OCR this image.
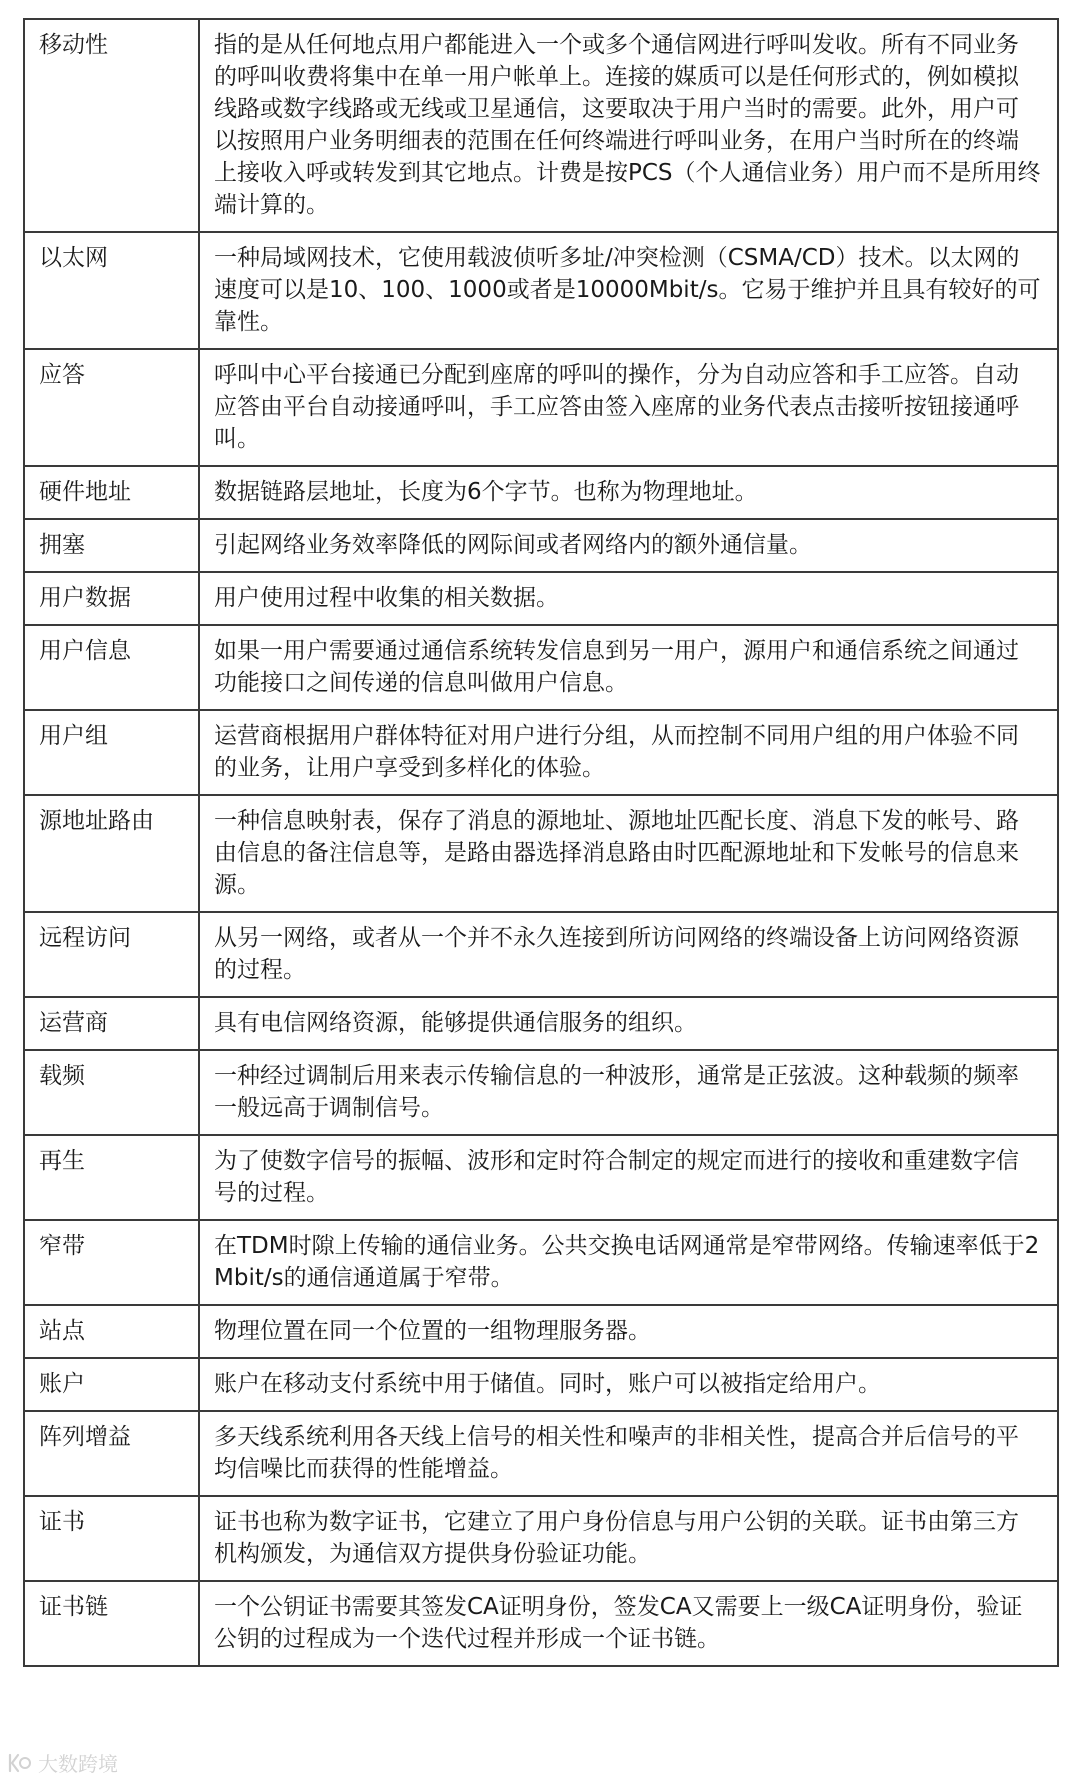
移动性	指的是从任何地点用户都能进入一个或多个通信网进行呼叫发收。所有不同业务的呼叫收费将集中在单一用户帐单上。连接的媒质可以是任何形式的，例如模拟线路或数字线路或无线或卫星通信，这要取决于用户当时的需要。此外，用户可以按照用户业务明细表的范围在任何终端进行呼叫业务，在用户当时所在的终端上接收入呼或转发到其它地点。计费是按PCS（个人通信业务）用户而不是所用终端计算的。
以太网	一种局域网技术，它使用载波侦听多址/冲突检测（CSMA/CD）技术。以太网的速度可以是10、100、1000或者是10000Mbit/s。它易于维护并且具有较好的可靠性。
应答	呼叫中心平台接通已分配到座席的呼叫的操作，分为自动应答和手工应答。自动应答由平台自动接通呼叫，手工应答由签入座席的业务代表点击接听按钮接通呼叫。
硬件地址	数据链路层地址，长度为6个字节。也称为物理地址。
拥塞	引起网络业务效率降低的网际间或者网络内的额外通信量。
用户数据	用户使用过程中收集的相关数据。
用户信息	如果一用户需要通过通信系统转发信息到另一用户，源用户和通信系统之间通过功能接口之间传递的信息叫做用户信息。
用户组	运营商根据用户群体特征对用户进行分组，从而控制不同用户组的用户体验不同的业务，让用户享受到多样化的体验。
源地址路由	一种信息映射表，保存了消息的源地址、源地址匹配长度、消息下发的帐号、路由信息的备注信息等，是路由器选择消息路由时匹配源地址和下发帐号的信息来源。
远程访问	从另一网络，或者从一个并不永久连接到所访问网络的终端设备上访问网络资源的过程。
运营商	具有电信网络资源，能够提供通信服务的组织。
载频	一种经过调制后用来表示传输信息的一种波形，通常是正弦波。这种载频的频率一般远高于调制信号。
再生	为了使数字信号的振幅、波形和定时符合制定的规定而进行的接收和重建数字信号的过程。
窄带	在TDM时隙上传输的通信业务。公共交换电话网通常是窄带网络。传输速率低于2Mbit/s的通信通道属于窄带。
站点	物理位置在同一个位置的一组物理服务器。
账户	账户在移动支付系统中用于储值。同时，账户可以被指定给用户。
阵列增益	多天线系统利用各天线上信号的相关性和噪声的非相关性，提高合并后信号的平均信噪比而获得的性能增益。
证书	证书也称为数字证书，它建立了用户身份信息与用户公钥的关联。证书由第三方机构颁发，为通信双方提供身份验证功能。
证书链	一个公钥证书需要其签发CA证明身份，签发CA又需要上一级CA证明身份，验证公钥的过程成为一个迭代过程并形成一个证书链。
大数跨境
